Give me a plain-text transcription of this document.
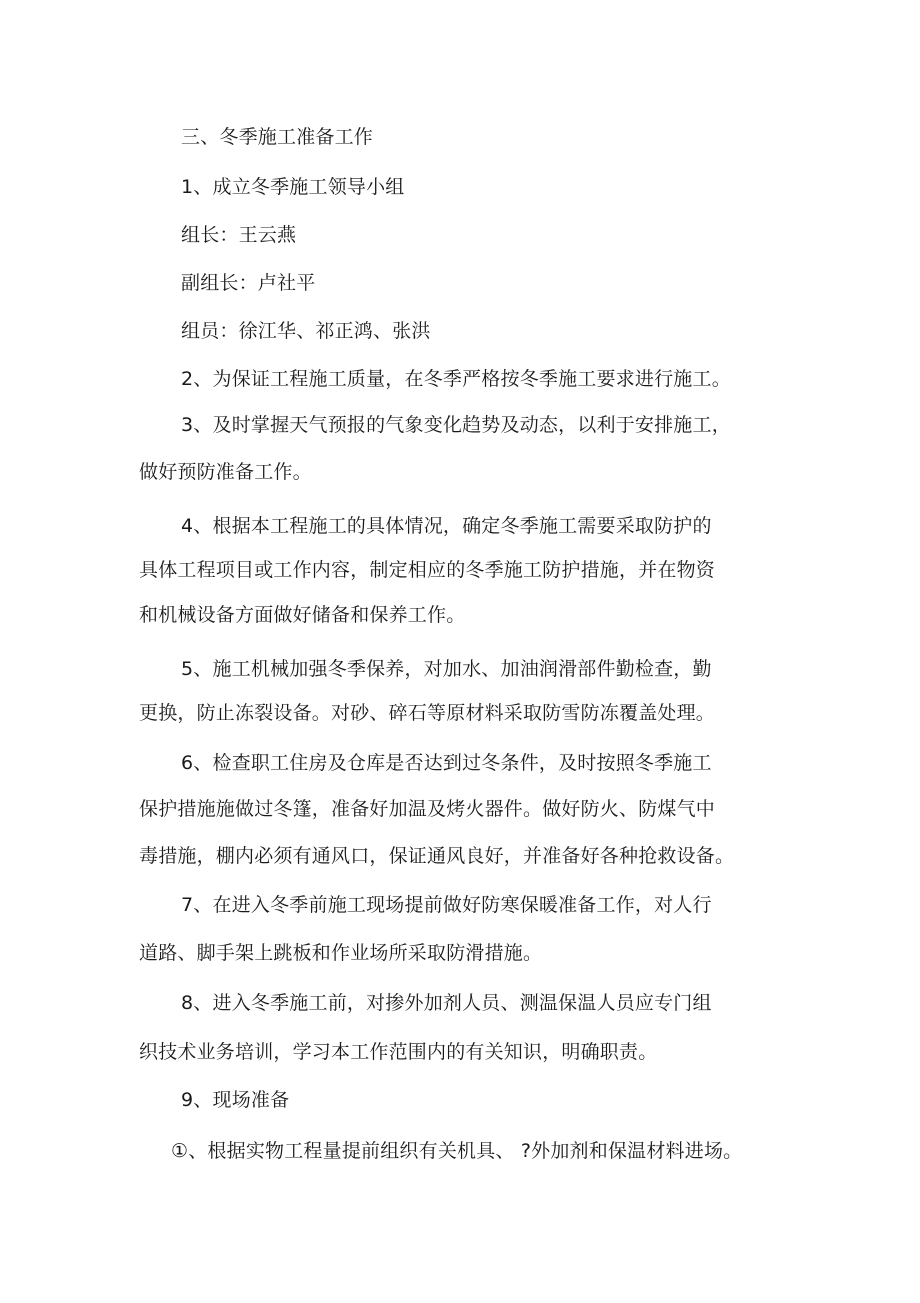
三、冬季施工准备工作
1、成立冬季施工领导小组
组长：王云燕
副组长：卢社平
组员：徐江华、祁正鸿、张洪
2、为保证工程施工质量，在冬季严格按冬季施工要求进行施工。
3、及时掌握天气预报的气象变化趋势及动态，以利于安排施工，
做好预防准备工作。
4、根据本工程施工的具体情况，确定冬季施工需要采取防护的
具体工程项目或工作内容，制定相应的冬季施工防护措施，并在物资
和机械设备方面做好储备和保养工作。
5、施工机械加强冬季保养，对加水、加油润滑部件勤检查，勤
更换，防止冻裂设备。对砂、碎石等原材料采取防雪防冻覆盖处理。
6、检查职工住房及仓库是否达到过冬条件，及时按照冬季施工
保护措施施做过冬篷，准备好加温及烤火器件。做好防火、防煤气中
毒措施，棚内必须有通风口，保证通风良好，并准备好各种抢救设备。
7、在进入冬季前施工现场提前做好防寒保暖准备工作，对人行
道路、脚手架上跳板和作业场所采取防滑措施。
8、进入冬季施工前，对掺外加剂人员、测温保温人员应专门组
织技术业务培训，学习本工作范围内的有关知识，明确职责。
9、现场准备
①、根据实物工程量提前组织有关机具、 ?外加剂和保温材料进场。
